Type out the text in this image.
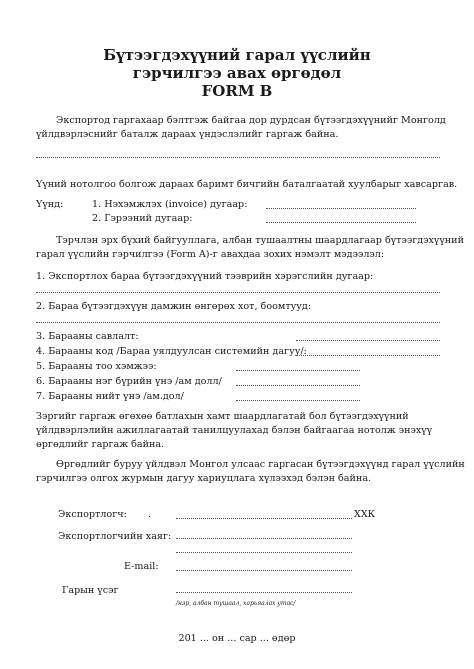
Бүтээгдэхүүний гарал үүслийн
гэрчилгээ авах өргөдөл
FORM B
Экспортод гаргахаар бэлтгэж байгаа дор дурдсан бүтээгдэхүүнийг Монголд
үйлдвэрлэснийг баталж дараах үндэслэлийг гаргаж байна.
Үүний нотолгоо болгож дараах баримт бичгийн баталгаатай хуулбарыг хавсаргав.
Үүнд:	1. Нэхэмжлэх (invoice) дугаар:
2. Гэрээний дугаар:
Тэрчлэн эрх бүхий байгууллага, албан тушаалтны шаардлагаар бүтээгдэхүүний
гарал үүслийн гэрчилгээ (Form A)-г авахдаа зохих нэмэлт мэдээлэл:
1. Экспортлох бараа бүтээгдэхүүний тээврийн хэрэгслийн дугаар:
2. Бараа бүтээгдэхүүн дамжин өнгөрөх хот, боомтууд:
3. Барааны савлалт:
4. Барааны код /Бараа уялдуулсан системийн дагуу/:
5. Барааны тоо хэмжээ:
6. Барааны нэг бүрийн үнэ /ам долл/
7. Барааны нийт үнэ /ам.дол/
Зэргийг гаргаж өгөхөө батлахын хамт шаардлагатай бол бүтээгдэхүүний
үйлдвэрлэлийн ажиллагаатай танилцуулахад бэлэн байгаагаа нотолж энэхүү
өргөдлийг гаргаж байна.
Өргөдлийг буруу үйлдвэл Монгол улсаас гаргасан бүтээгдэхүүнд гарал үүслийн
гэрчилгээ олгох журмын дагуу хариуцлага хүлээхэд бэлэн байна.
Экспортлогч: .	ХХК
Экспортлогчийн хаяг:
E-mail:
Гарын үсэг
/нэр, албан тушаал, харьяалах утас/
201 ... он ... сар ... өдөр
